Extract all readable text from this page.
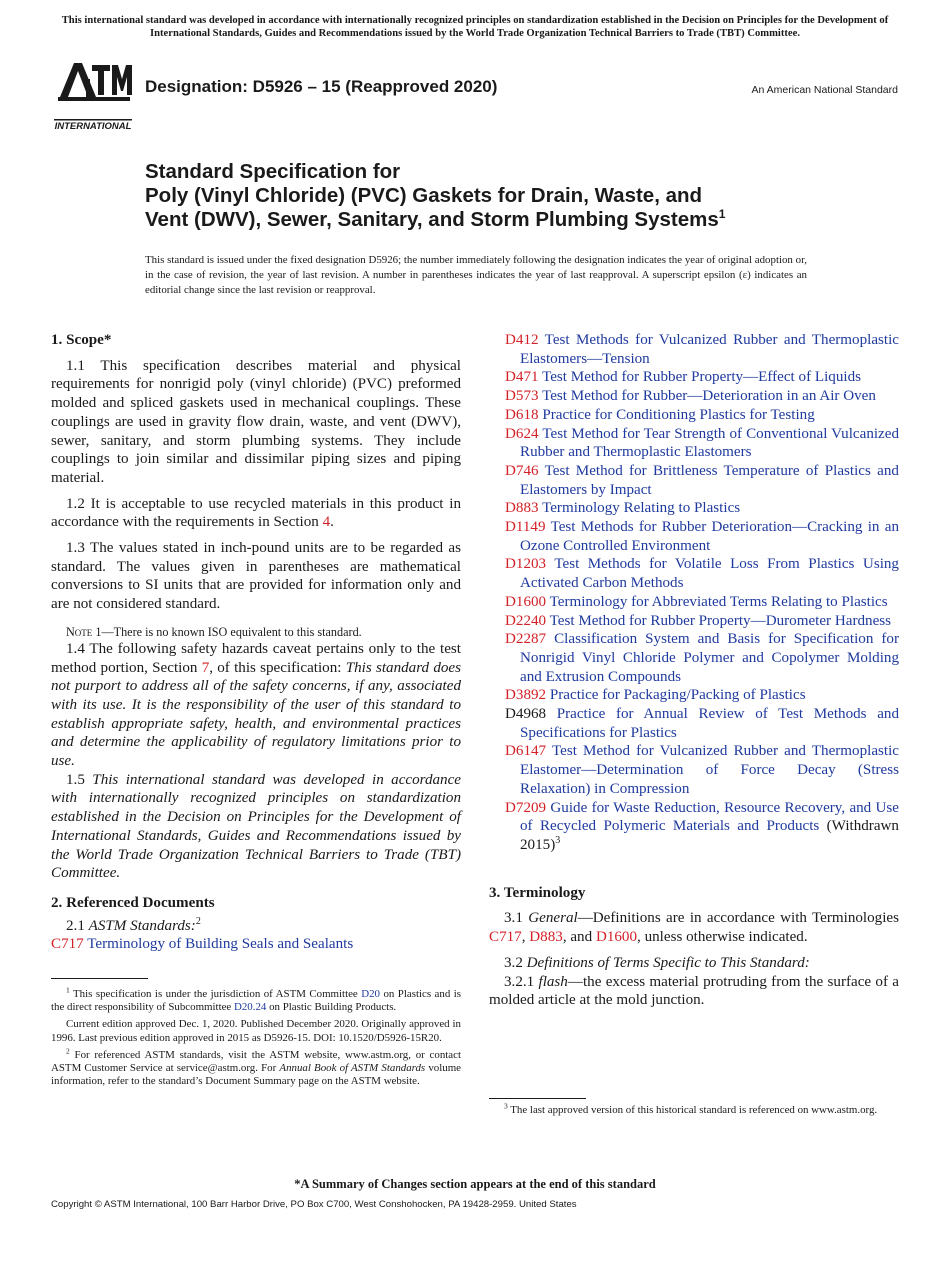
This international standard was developed in accordance with internationally recognized principles on standardization established in the Decision on Principles for the Development of International Standards, Guides and Recommendations issued by the World Trade Organization Technical Barriers to Trade (TBT) Committee.
INTERNATIONAL
Designation: D5926 – 15 (Reapproved 2020)	An American National Standard
Standard Specification for
Poly (Vinyl Chloride) (PVC) Gaskets for Drain, Waste, and
Vent (DWV), Sewer, Sanitary, and Storm Plumbing Systems$^1$
This standard is issued under the fixed designation D5926; the number immediately following the designation indicates the year of original adoption or, in the case of revision, the year of last revision. A number in parentheses indicates the year of last reapproval. A superscript epsilon (ε) indicates an editorial change since the last revision or reapproval.
1. Scope*

1.1 This specification describes material and physical requirements for nonrigid poly (vinyl chloride) (PVC) preformed molded and spliced gaskets used in mechanical couplings. These couplings are used in gravity flow drain, waste, and vent (DWV), sewer, sanitary, and storm plumbing systems. They include couplings to join similar and dissimilar piping sizes and piping material.

1.2 It is acceptable to use recycled materials in this product in accordance with the requirements in Section 4.

1.3 The values stated in inch-pound units are to be regarded as standard. The values given in parentheses are mathematical conversions to SI units that are provided for information only and are not considered standard.

Note 1—There is no known ISO equivalent to this standard.

1.4 The following safety hazards caveat pertains only to the test method portion, Section 7, of this specification: This standard does not purport to address all of the safety concerns, if any, associated with its use. It is the responsibility of the user of this standard to establish appropriate safety, health, and environmental practices and determine the applicability of regulatory limitations prior to use.

1.5 This international standard was developed in accordance with internationally recognized principles on standardization established in the Decision on Principles for the Development of International Standards, Guides and Recommendations issued by the World Trade Organization Technical Barriers to Trade (TBT) Committee.

2. Referenced Documents

2.1 ASTM Standards:$^2$

C717 Terminology of Building Seals and Sealants

D412 Test Methods for Vulcanized Rubber and Thermoplastic Elastomers—Tension

D471 Test Method for Rubber Property—Effect of Liquids

D573 Test Method for Rubber—Deterioration in an Air Oven

D618 Practice for Conditioning Plastics for Testing

D624 Test Method for Tear Strength of Conventional Vulcanized Rubber and Thermoplastic Elastomers

D746 Test Method for Brittleness Temperature of Plastics and Elastomers by Impact

D883 Terminology Relating to Plastics

D1149 Test Methods for Rubber Deterioration—Cracking in an Ozone Controlled Environment

D1203 Test Methods for Volatile Loss From Plastics Using Activated Carbon Methods

D1600 Terminology for Abbreviated Terms Relating to Plastics

D2240 Test Method for Rubber Property—Durometer Hardness

D2287 Classification System and Basis for Specification for Nonrigid Vinyl Chloride Polymer and Copolymer Molding and Extrusion Compounds

D3892 Practice for Packaging/Packing of Plastics

D4968 Practice for Annual Review of Test Methods and Specifications for Plastics

D6147 Test Method for Vulcanized Rubber and Thermoplastic Elastomer—Determination of Force Decay (Stress Relaxation) in Compression

D7209 Guide for Waste Reduction, Resource Recovery, and Use of Recycled Polymeric Materials and Products (Withdrawn 2015)$^3$

3. Terminology

3.1 General—Definitions are in accordance with Terminologies C717, D883, and D1600, unless otherwise indicated.

3.2 Definitions of Terms Specific to This Standard:

3.2.1 flash—the excess material protruding from the surface of a molded article at the mold junction.

$^1$ This specification is under the jurisdiction of ASTM Committee D20 on Plastics and is the direct responsibility of Subcommittee D20.24 on Plastic Building Products.

Current edition approved Dec. 1, 2020. Published December 2020. Originally approved in 1996. Last previous edition approved in 2015 as D5926-15. DOI: 10.1520/D5926-15R20.

$^2$ For referenced ASTM standards, visit the ASTM website, www.astm.org, or contact ASTM Customer Service at service@astm.org. For Annual Book of ASTM Standards volume information, refer to the standard’s Document Summary page on the ASTM website.

$^3$ The last approved version of this historical standard is referenced on www.astm.org.

*A Summary of Changes section appears at the end of this standard
Copyright © ASTM International, 100 Barr Harbor Drive, PO Box C700, West Conshohocken, PA 19428-2959. United States
